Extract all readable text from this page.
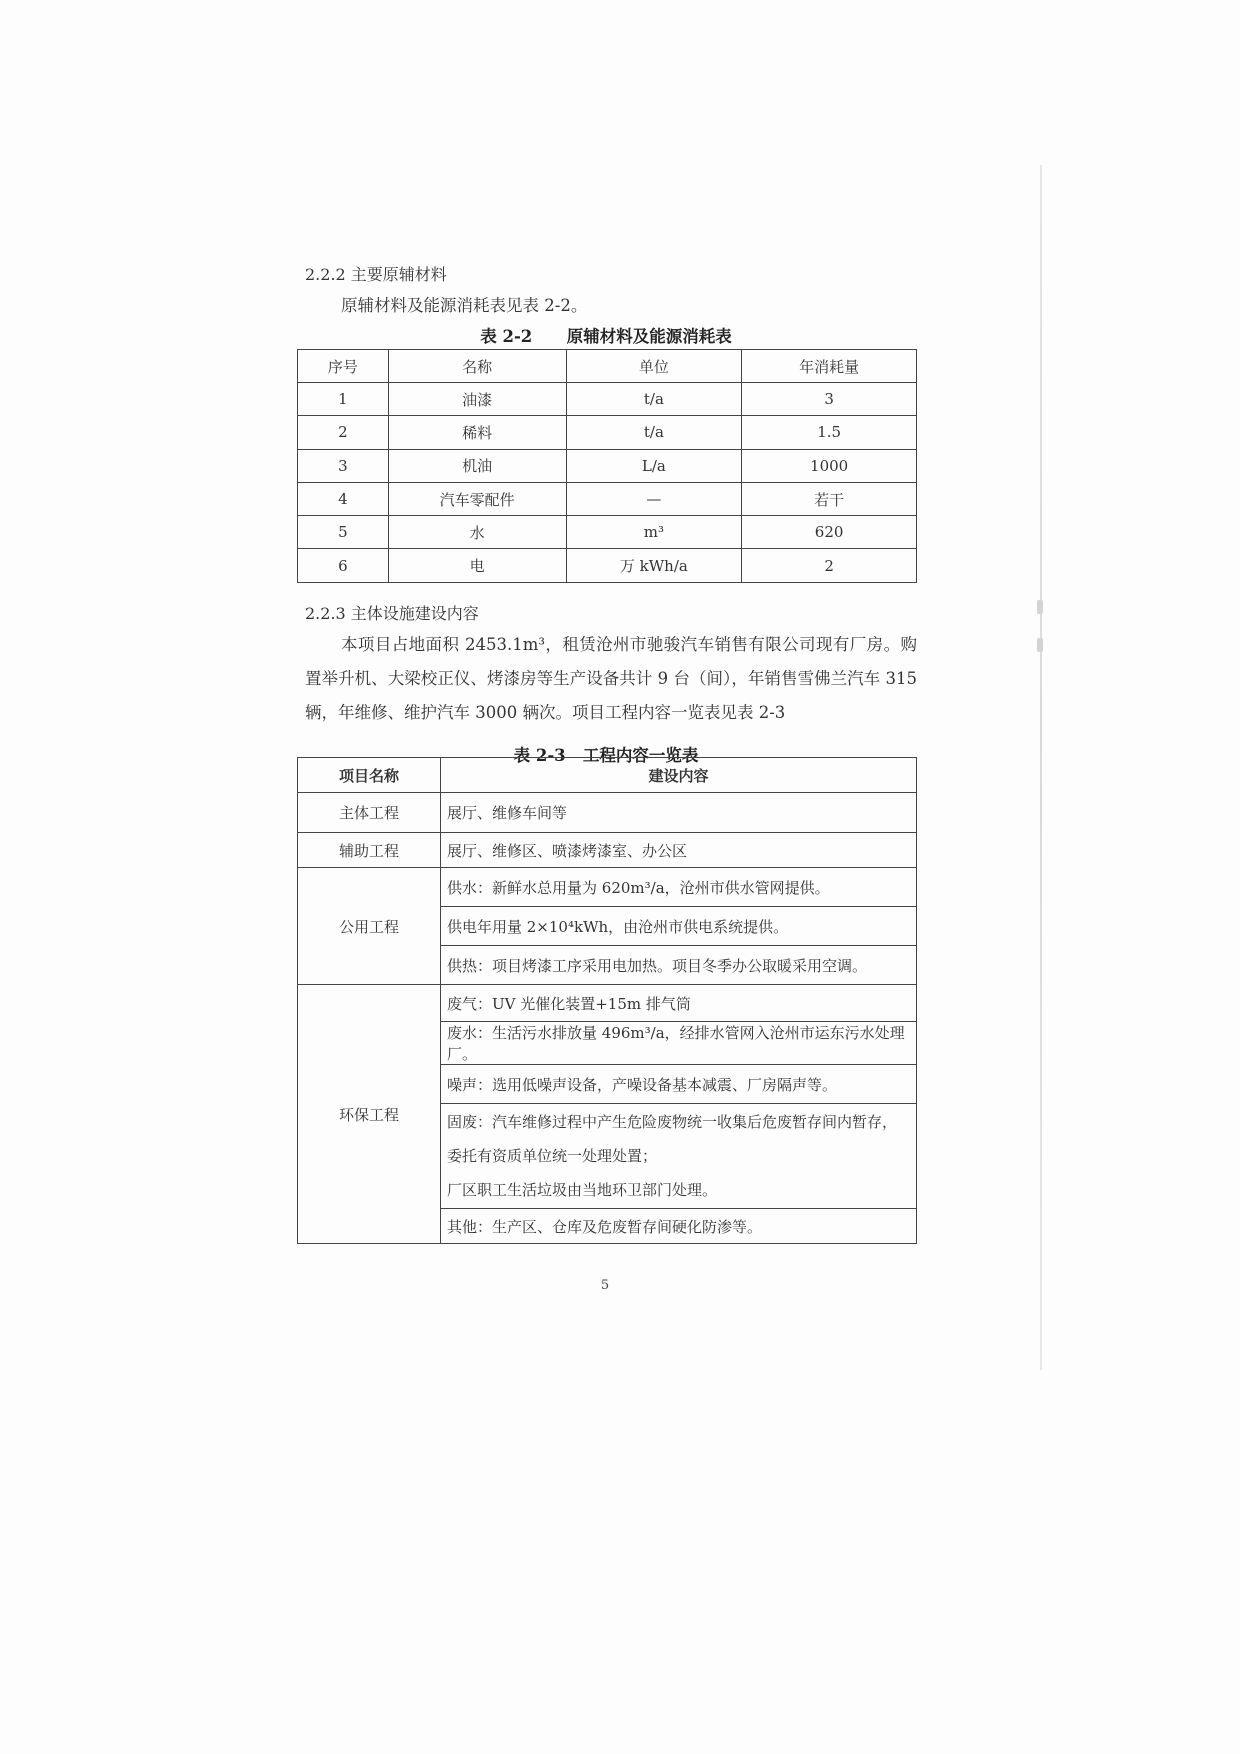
2.2.2 主要原辅材料
原辅材料及能源消耗表见表 2-2。
表 2-2      原辅材料及能源消耗表
序号	名称	单位	年消耗量
1	油漆	t/a	3
2	稀料	t/a	1.5
3	机油	L/a	1000
4	汽车零配件	—	若干
5	水	m³	620
6	电	万 kWh/a	2
2.2.3 主体设施建设内容

本项目占地面积 2453.1m³，租赁沧州市驰骏汽车销售有限公司现有厂房。购置举升机、大梁校正仪、烤漆房等生产设备共计 9 台（间），年销售雪佛兰汽车 315 辆，年维修、维护汽车 3000 辆次。项目工程内容一览表见表 2-3

表 2-3   工程内容一览表
项目名称	建设内容
主体工程	展厅、维修车间等
辅助工程	展厅、维修区、喷漆烤漆室、办公区
公用工程	供水：新鲜水总用量为 620m³/a，沧州市供水管网提供。
	供电年用量 2×10⁴kWh，由沧州市供电系统提供。
	供热：项目烤漆工序采用电加热。项目冬季办公取暖采用空调。
环保工程	废气：UV 光催化装置+15m 排气筒
	废水：生活污水排放量 496m³/a，经排水管网入沧州市运东污水处理厂。
	噪声：选用低噪声设备，产噪设备基本减震、厂房隔声等。

	固废：汽车维修过程中产生危险废物统一收集后危废暂存间内暂存，
委托有资质单位统一处理处置；
厂区职工生活垃圾由当地环卫部门处理。

	其他：生产区、仓库及危废暂存间硬化防渗等。
5
